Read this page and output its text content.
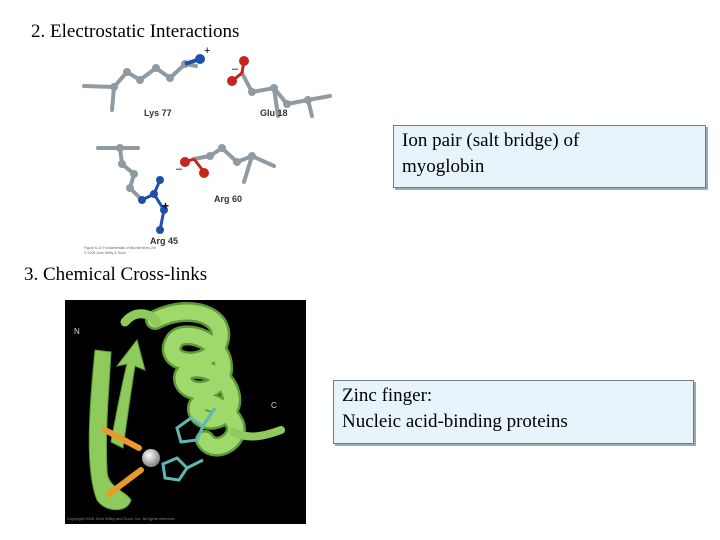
2. Electrostatic Interactions
+
Lys 77
–
Glu 18
–
Arg 60
+
Arg 45
Figure 6-10 Fundamentals of Biochemistry 2/e
© 2006 John Wiley & Sons
3. Chemical Cross-links
N
C
Copyright 2006 John Wiley and Sons, Inc. All rights reserved.
Ion pair (salt bridge) of
myoglobin
Zinc finger:
Nucleic acid-binding proteins
